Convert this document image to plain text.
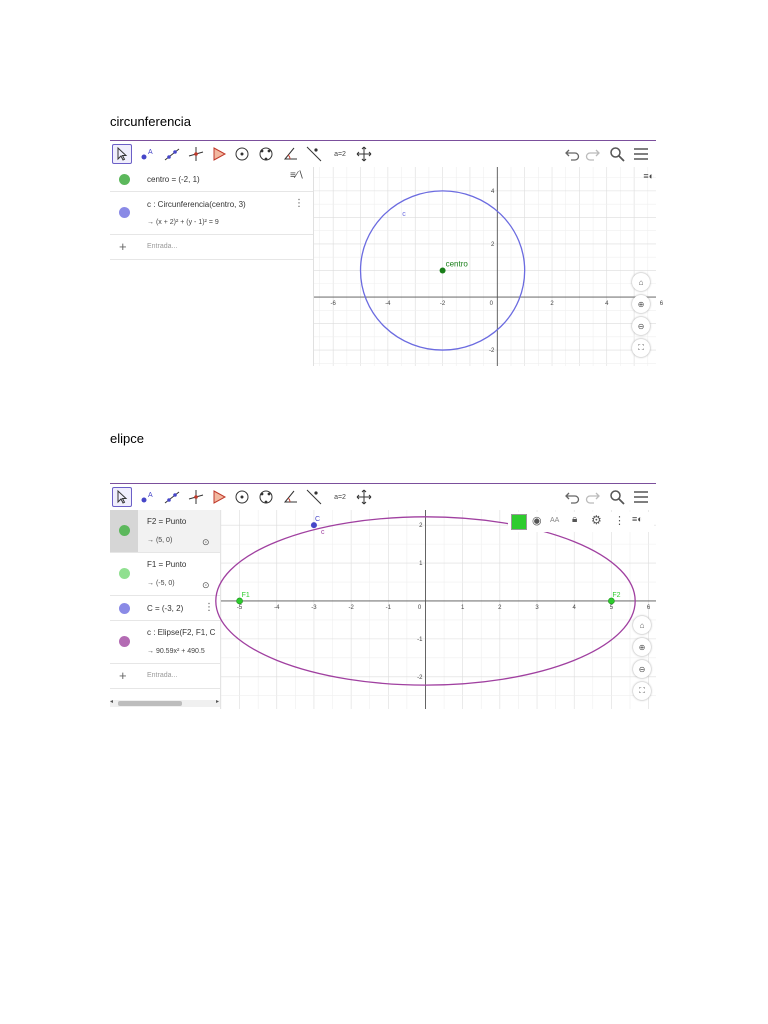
circunferencia
A	a=2
centro = (-2, 1)
c : Circunferencia(centro, 3)
→ (x + 2)² + (y - 1)² = 9
⋮
+	Entrada...
≡∕∖
-6	-4	-2	0	2	4	6
4
2
-2
centro
c
≡◐
⌂
⊕
⊖
⛶
elipce
A	a=2
F2 = Punto
→ (5, 0)	⊙
F1 = Punto
→ (-5, 0)	⊙
C = (-3, 2) ⋮
c : Elipse(F2, F1, C
→ 90.59x² + 490.5
+	Entrada...
◂	▸
-5	-4	-3	-2	-1	0	1	2	3	4	5	6
2
1
-1
-2
F1	F2
C
c
◉ AA 🔒︎ ⚙ ⋮ ≡◐
⌂
⊕
⊖
⛶
